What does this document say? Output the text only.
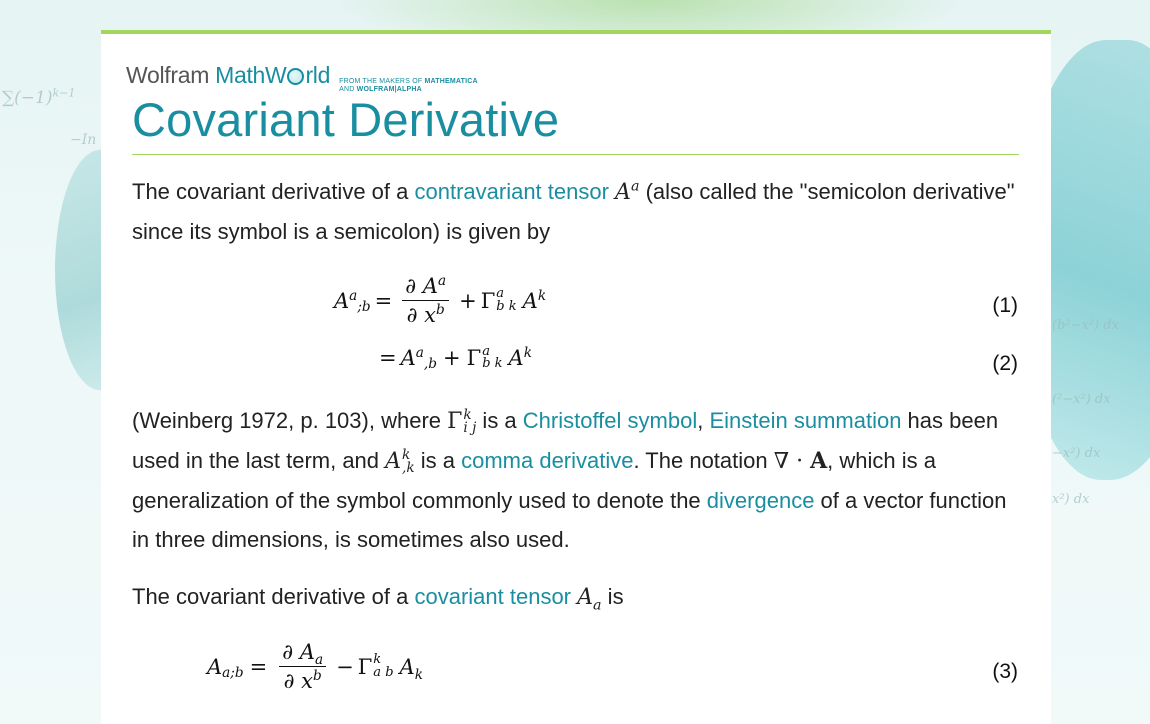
$\sum(-1)^{k-1}$
−In
(b²−x²) dx
(²−x²) dx
−x²) dx
x²) dx
Wolfram MathW rld FROM THE MAKERS OF MATHEMATICA
AND WOLFRAM|ALPHA
Covariant Derivative

The covariant derivative of a contravariant tensor $A^a$ (also called the "semicolon derivative" since its symbol is a semicolon) is given by

$A^a$
;b = $\frac{\partial A^a}{\partial x^b} + \Gamma$ a
b k $A^k$	(1)
= $A^a$
,b + Γ a
b k $A^k$	(2)

(Weinberg 1972, p. 103), where Γ k
i j is a Christoffel symbol, Einstein summation has been used in the last term, and A k
,k is a comma derivative. The notation ∇ · A, which is a generalization of the symbol commonly used to denote the divergence of a vector function in three dimensions, is sometimes also used.

The covariant derivative of a covariant tensor $A_a$ is

A a;b = $\frac{\partial A_a}{\partial x^b} - \Gamma$ k
a b $A_k$	(3)
